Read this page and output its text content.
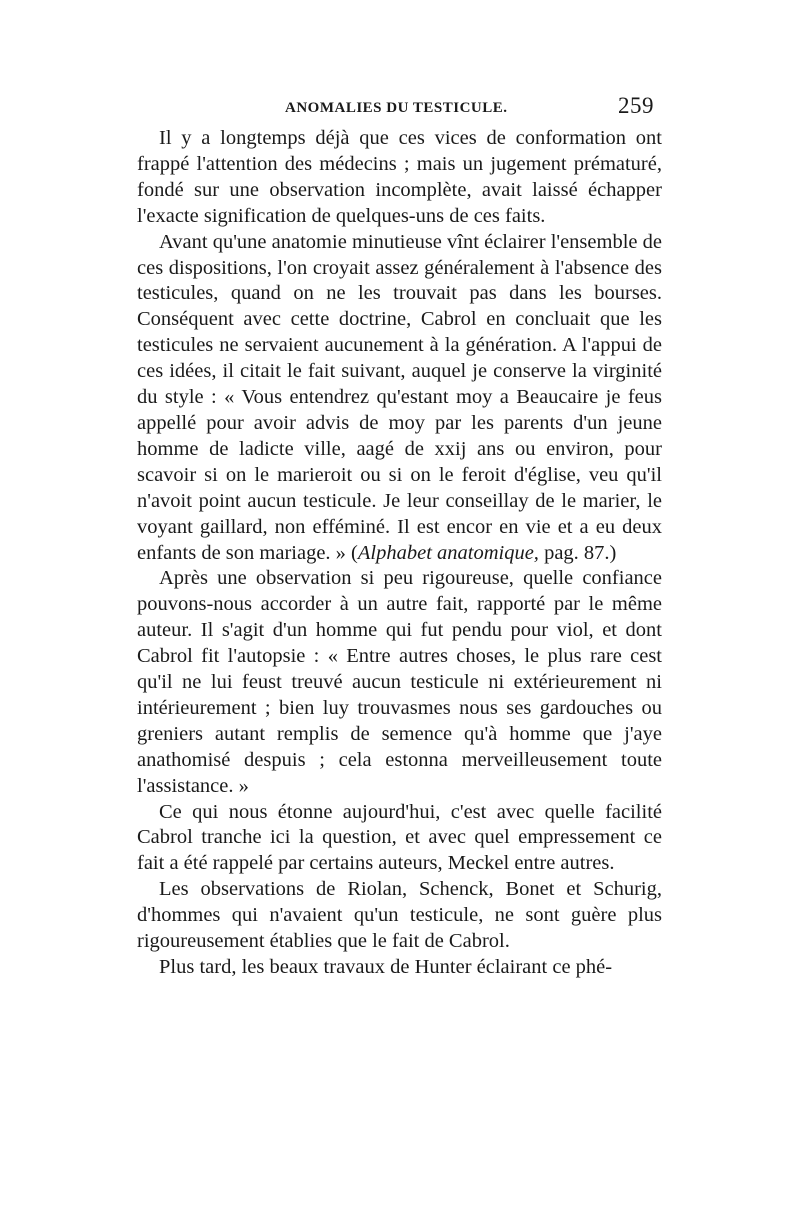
ANOMALIES DU TESTICULE.	259

Il y a longtemps déjà que ces vices de conformation ont frappé l'attention des médecins ; mais un jugement prématuré, fondé sur une observation incomplète, avait laissé échapper l'exacte signification de quelques-uns de ces faits.

Avant qu'une anatomie minutieuse vînt éclairer l'ensemble de ces dispositions, l'on croyait assez généralement à l'absence des testicules, quand on ne les trouvait pas dans les bourses. Conséquent avec cette doctrine, Cabrol en concluait que les testicules ne servaient aucunement à la génération. A l'appui de ces idées, il citait le fait suivant, auquel je conserve la virginité du style : « Vous entendrez qu'estant moy a Beaucaire je feus appellé pour avoir advis de moy par les parents d'un jeune homme de ladicte ville, aagé de xxij ans ou environ, pour scavoir si on le marieroit ou si on le feroit d'église, veu qu'il n'avoit point aucun testicule. Je leur conseillay de le marier, le voyant gaillard, non efféminé. Il est encor en vie et a eu deux enfants de son mariage. » (Alphabet anatomique, pag. 87.)

Après une observation si peu rigoureuse, quelle confiance pouvons-nous accorder à un autre fait, rapporté par le même auteur. Il s'agit d'un homme qui fut pendu pour viol, et dont Cabrol fit l'autopsie : « Entre autres choses, le plus rare cest qu'il ne lui feust treuvé aucun testicule ni extérieurement ni intérieurement ; bien luy trouvasmes nous ses gardouches ou greniers autant remplis de semence qu'à homme que j'aye anathomisé despuis ; cela estonna merveilleusement toute l'assistance. »

Ce qui nous étonne aujourd'hui, c'est avec quelle facilité Cabrol tranche ici la question, et avec quel empressement ce fait a été rappelé par certains auteurs, Meckel entre autres.

Les observations de Riolan, Schenck, Bonet et Schurig, d'hommes qui n'avaient qu'un testicule, ne sont guère plus rigoureusement établies que le fait de Cabrol.

Plus tard, les beaux travaux de Hunter éclairant ce phé-
